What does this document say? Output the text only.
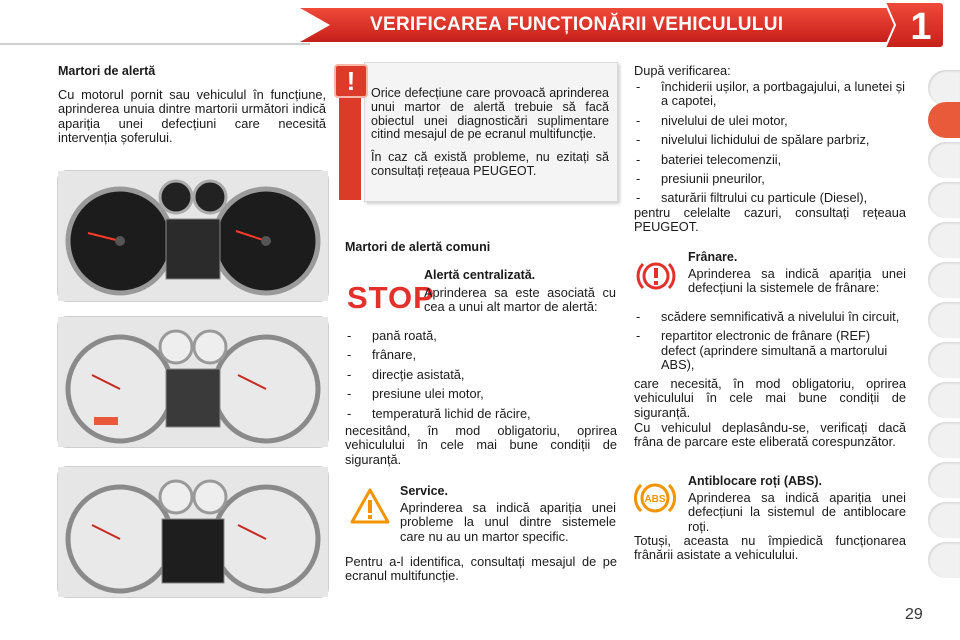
VERIFICAREA FUNCȚIONĂRII VEHICULULUI	1
Martori de alertă

Cu motorul pornit sau vehiculul în funcțiune, aprinderea unuia dintre martorii următori indică apariția unei defecțiuni care necesită intervenția șoferului.

Orice defecțiune care provoacă aprinderea unui martor de alertă trebuie să facă obiectul unei diagnosticări suplimentare citind mesajul de pe ecranul multifuncție.

În caz că există probleme, nu ezitați să consultați rețeaua PEUGEOT.

!
Martori de alertă comuni
STOP
Alertă centralizată.

Aprinderea sa este asociată cu cea a unui alt martor de alertă:

- pană roată,
- frânare,
- direcție asistată,
- presiune ulei motor,
- temperatură lichid de răcire,

necesitând, în mod obligatoriu, oprirea vehiculului în cele mai bune condiții de siguranță.

Service.

Aprinderea sa indică apariția unei probleme la unul dintre sistemele care nu au un martor specific.

Pentru a-l identifica, consultați mesajul de pe ecranul multifuncție.

După verificarea:

- închiderii ușilor, a portbagajului, a lunetei și a capotei,
- nivelului de ulei motor,
- nivelului lichidului de spălare parbriz,
- bateriei telecomenzii,
- presiunii pneurilor,
- saturării filtrului cu particule (Diesel),

pentru celelalte cazuri, consultați rețeaua PEUGEOT.

Frânare.

Aprinderea sa indică apariția unei defecțiuni la sistemele de frânare:

- scădere semnificativă a nivelului în circuit,
- repartitor electronic de frânare (REF) defect (aprindere simultană a martorului ABS),

care necesită, în mod obligatoriu, oprirea vehiculului în cele mai bune condiții de siguranță.

Cu vehiculul deplasându-se, verificați dacă frâna de parcare este eliberată corespunzător.

ABS
Antiblocare roți (ABS).

Aprinderea sa indică apariția unei defecțiuni la sistemul de antiblocare roți.

Totuși, aceasta nu împiedică funcționarea frânării asistate a vehiculului.

29
